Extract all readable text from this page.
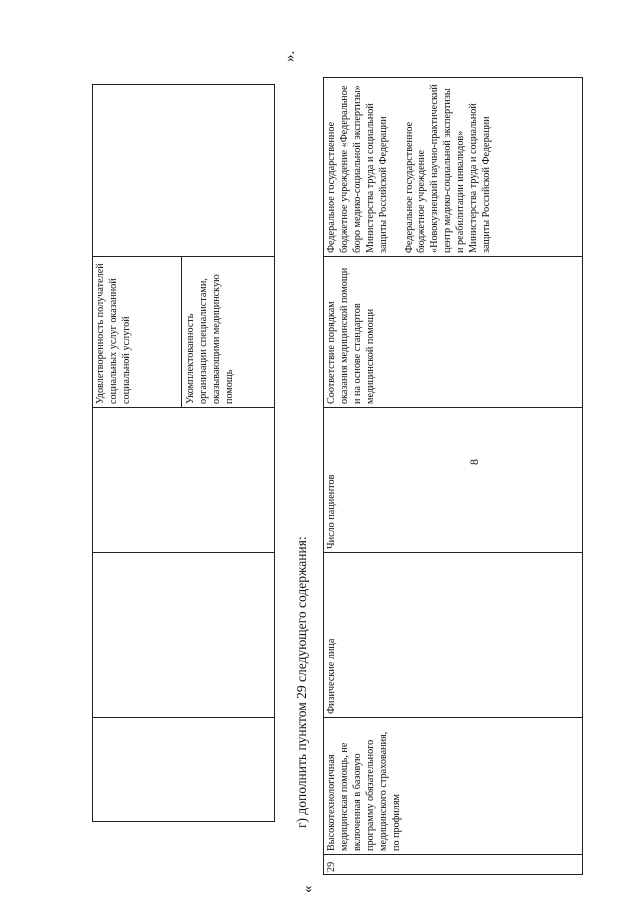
8
Удовлетворенность получателей социальных услуг оказанной социальной услугой	Укомплектованность организации специалистами, оказывающими медицинскую помощь
г) дополнить пунктом 29 следующего содержания:
«
29
Высокотехнологичная медицинская помощь, не включенная в базовую программу обязательного медицинского страхования, по профилям
Физические лица
Число пациентов
Соответствие порядкам оказания медицинской помощи и на основе стандартов медицинской помощи
Федеральное государственное бюджетное учреждение «Федеральное бюро медико-социальной экспертизы» Министерства труда и социальной защиты Российской Федерации Федеральное государственное бюджетное учреждение «Новокузнецкий научно-практический центр медико-социальной экспертизы и реабилитации инвалидов» Министерства труда и социальной защиты Российской Федерации
».
